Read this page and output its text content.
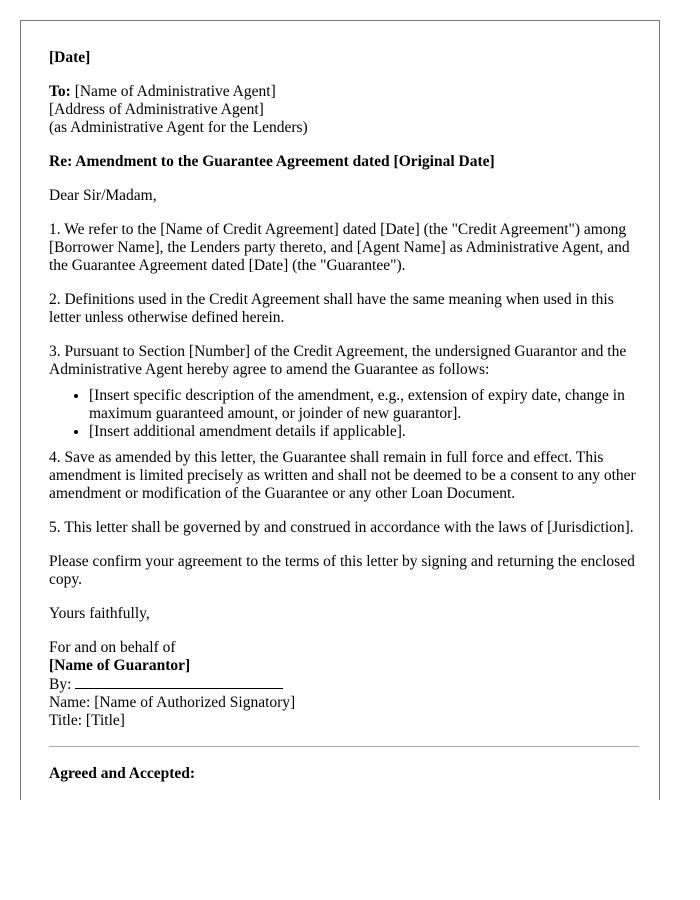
[Date]

To: [Name of Administrative Agent]
[Address of Administrative Agent]
(as Administrative Agent for the Lenders)

Re: Amendment to the Guarantee Agreement dated [Original Date]

Dear Sir/Madam,

1. We refer to the [Name of Credit Agreement] dated [Date] (the "Credit Agreement") among [Borrower Name], the Lenders party thereto, and [Agent Name] as Administrative Agent, and the Guarantee Agreement dated [Date] (the "Guarantee").

2. Definitions used in the Credit Agreement shall have the same meaning when used in this letter unless otherwise defined herein.

3. Pursuant to Section [Number] of the Credit Agreement, the undersigned Guarantor and the Administrative Agent hereby agree to amend the Guarantee as follows:

• [Insert specific description of the amendment, e.g., extension of expiry date, change in maximum guaranteed amount, or joinder of new guarantor].
• [Insert additional amendment details if applicable].

4. Save as amended by this letter, the Guarantee shall remain in full force and effect. This amendment is limited precisely as written and shall not be deemed to be a consent to any other amendment or modification of the Guarantee or any other Loan Document.

5. This letter shall be governed by and construed in accordance with the laws of [Jurisdiction].

Please confirm your agreement to the terms of this letter by signing and returning the enclosed copy.

Yours faithfully,

For and on behalf of
[Name of Guarantor]
By:
Name: [Name of Authorized Signatory]
Title: [Title]
Agreed and Accepted:
